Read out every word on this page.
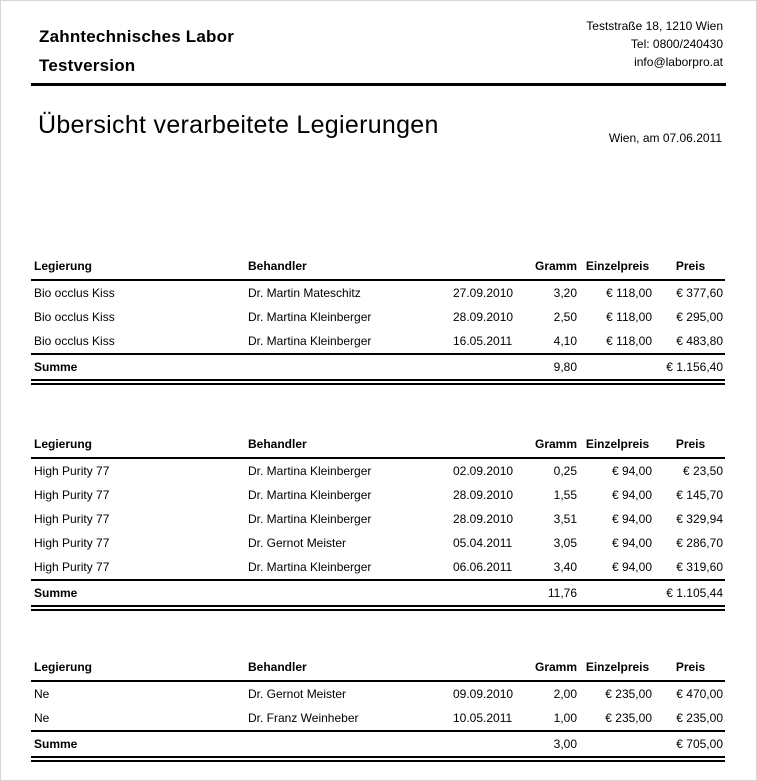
Zahntechnisches Labor
Testversion
Teststraße 18, 1210 Wien
Tel: 0800/240430
info@laborpro.at
Übersicht verarbeitete Legierungen	Wien, am 07.06.2011
Legierung	Behandler		Gramm	Einzelpreis	Preis
Bio occlus Kiss	Dr. Martin Mateschitz	27.09.2010	3,20	€ 118,00	€ 377,60
Bio occlus Kiss	Dr. Martina Kleinberger	28.09.2010	2,50	€ 118,00	€ 295,00
Bio occlus Kiss	Dr. Martina Kleinberger	16.05.2011	4,10	€ 118,00	€ 483,80
Summe			9,80		€ 1.156,40
Legierung	Behandler		Gramm	Einzelpreis	Preis
High Purity 77	Dr. Martina Kleinberger	02.09.2010	0,25	€ 94,00	€ 23,50
High Purity 77	Dr. Martina Kleinberger	28.09.2010	1,55	€ 94,00	€ 145,70
High Purity 77	Dr. Martina Kleinberger	28.09.2010	3,51	€ 94,00	€ 329,94
High Purity 77	Dr. Gernot Meister	05.04.2011	3,05	€ 94,00	€ 286,70
High Purity 77	Dr. Martina Kleinberger	06.06.2011	3,40	€ 94,00	€ 319,60
Summe			11,76		€ 1.105,44
Legierung	Behandler		Gramm	Einzelpreis	Preis
Ne	Dr. Gernot Meister	09.09.2010	2,00	€ 235,00	€ 470,00
Ne	Dr. Franz Weinheber	10.05.2011	1,00	€ 235,00	€ 235,00
Summe			3,00		€ 705,00
